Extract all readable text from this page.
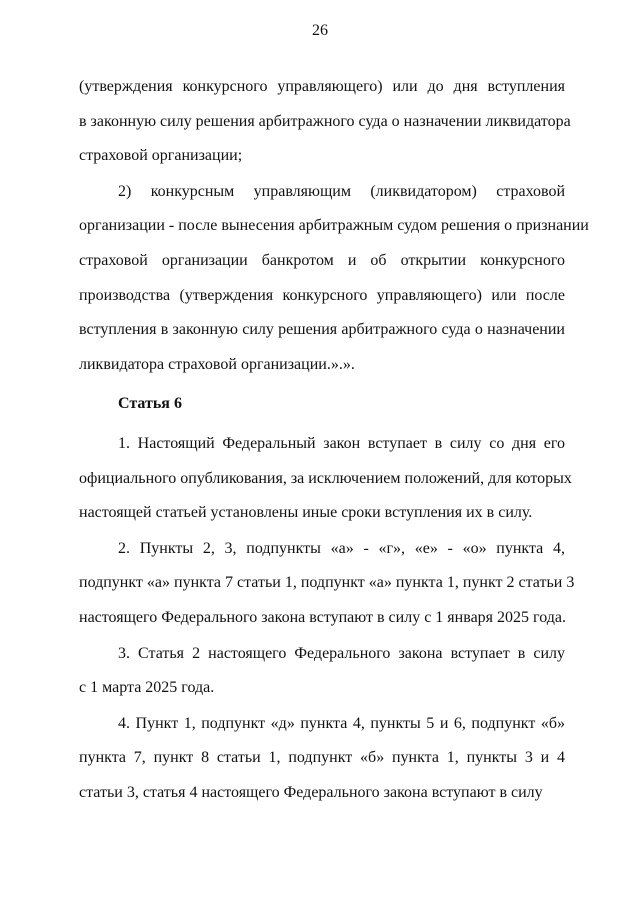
26
(утверждения конкурсного управляющего) или до дня вступления
в законную силу решения арбитражного суда о назначении ликвидатора
страховой организации;
2) конкурсным управляющим (ликвидатором) страховой
организации - после вынесения арбитражным судом решения о признании
страховой организации банкротом и об открытии конкурсного
производства (утверждения конкурсного управляющего) или после
вступления в законную силу решения арбитражного суда о назначении
ликвидатора страховой организации.».».
Статья 6
1. Настоящий Федеральный закон вступает в силу со дня его
официального опубликования, за исключением положений, для которых
настоящей статьей установлены иные сроки вступления их в силу.
2. Пункты 2, 3, подпункты «а» - «г», «е» - «о» пункта 4,
подпункт «а» пункта 7 статьи 1, подпункт «а» пункта 1, пункт 2 статьи 3
настоящего Федерального закона вступают в силу с 1 января 2025 года.
3. Статья 2 настоящего Федерального закона вступает в силу
с 1 марта 2025 года.
4. Пункт 1, подпункт «д» пункта 4, пункты 5 и 6, подпункт «б»
пункта 7, пункт 8 статьи 1, подпункт «б» пункта 1, пункты 3 и 4
статьи 3, статья 4 настоящего Федерального закона вступают в силу
